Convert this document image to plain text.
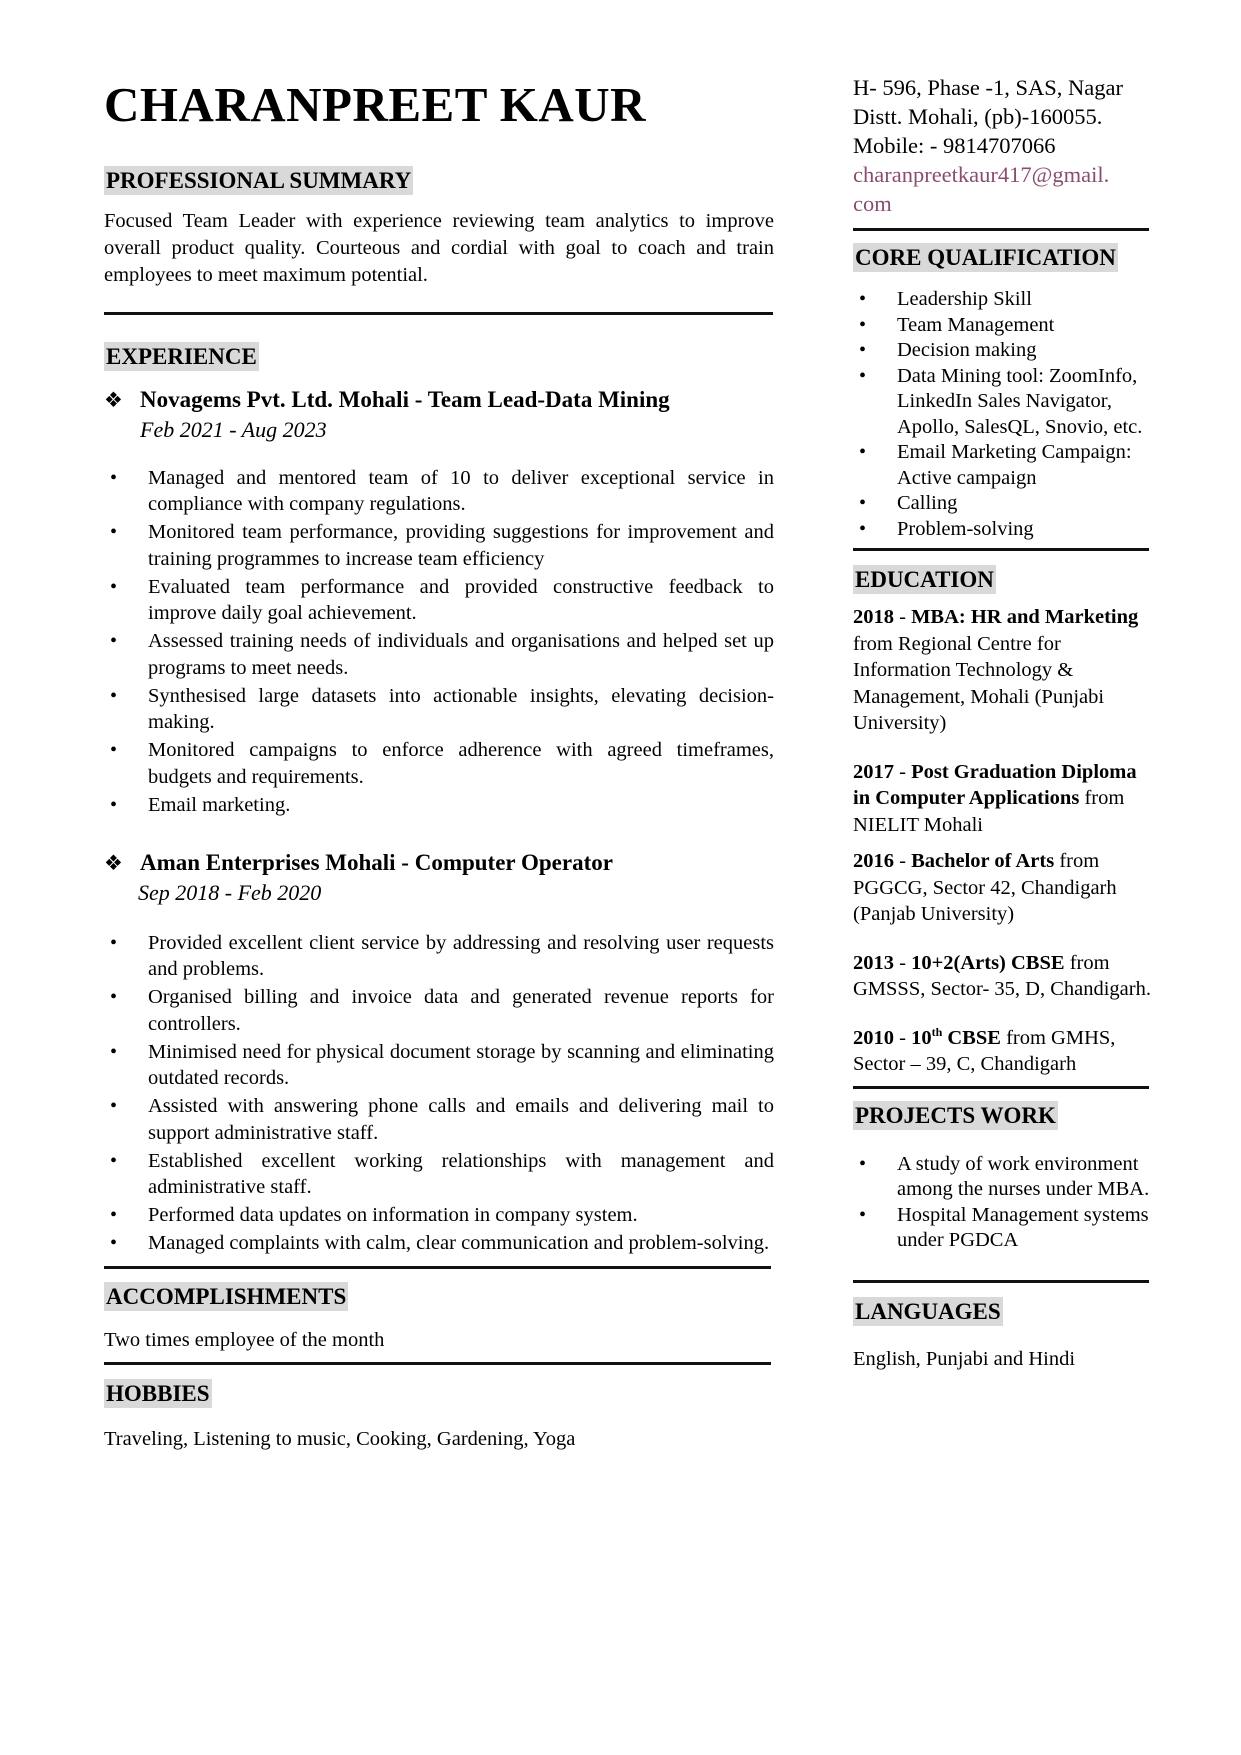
CHARANPREET KAUR
PROFESSIONAL SUMMARY

Focused Team Leader with experience reviewing team analytics to improve overall product quality. Courteous and cordial with goal to coach and train employees to meet maximum potential.

EXPERIENCE
❖ Novagems Pvt. Ltd. Mohali - Team Lead-Data Mining
Feb 2021 - Aug 2023
• Managed and mentored team of 10 to deliver exceptional service in compliance with company regulations.
• Monitored team performance, providing suggestions for improvement and training programmes to increase team efficiency
• Evaluated team performance and provided constructive feedback to improve daily goal achievement.
• Assessed training needs of individuals and organisations and helped set up programs to meet needs.
• Synthesised large datasets into actionable insights, elevating decision-making.
• Monitored campaigns to enforce adherence with agreed timeframes, budgets and requirements.
• Email marketing.
❖ Aman Enterprises Mohali - Computer Operator
Sep 2018 - Feb 2020
• Provided excellent client service by addressing and resolving user requests and problems.
• Organised billing and invoice data and generated revenue reports for controllers.
• Minimised need for physical document storage by scanning and eliminating outdated records.
• Assisted with answering phone calls and emails and delivering mail to support administrative staff.
• Established excellent working relationships with management and administrative staff.
• Performed data updates on information in company system.
• Managed complaints with calm, clear communication and problem-solving.
ACCOMPLISHMENTS

Two times employee of the month

HOBBIES

Traveling, Listening to music, Cooking, Gardening, Yoga

H- 596, Phase -1, SAS, Nagar
Distt. Mohali, (pb)-160055.
Mobile: - 9814707066
charanpreetkaur417@gmail.
com
CORE QUALIFICATION
• Leadership Skill
• Team Management
• Decision making
• Data Mining tool: ZoomInfo, LinkedIn Sales Navigator, Apollo, SalesQL, Snovio, etc.
• Email Marketing Campaign: Active campaign
• Calling
• Problem-solving
EDUCATION

2018 - MBA: HR and Marketing from Regional Centre for Information Technology & Management, Mohali (Punjabi University)

2017 - Post Graduation Diploma in Computer Applications from NIELIT Mohali

2016 - Bachelor of Arts from PGGCG, Sector 42, Chandigarh (Panjab University)

2013 - 10+2(Arts) CBSE from GMSSS, Sector- 35, D, Chandigarh.

2010 - 10th CBSE from GMHS, Sector – 39, C, Chandigarh

PROJECTS WORK
• A study of work environment among the nurses under MBA.
• Hospital Management systems under PGDCA
LANGUAGES

English, Punjabi and Hindi
